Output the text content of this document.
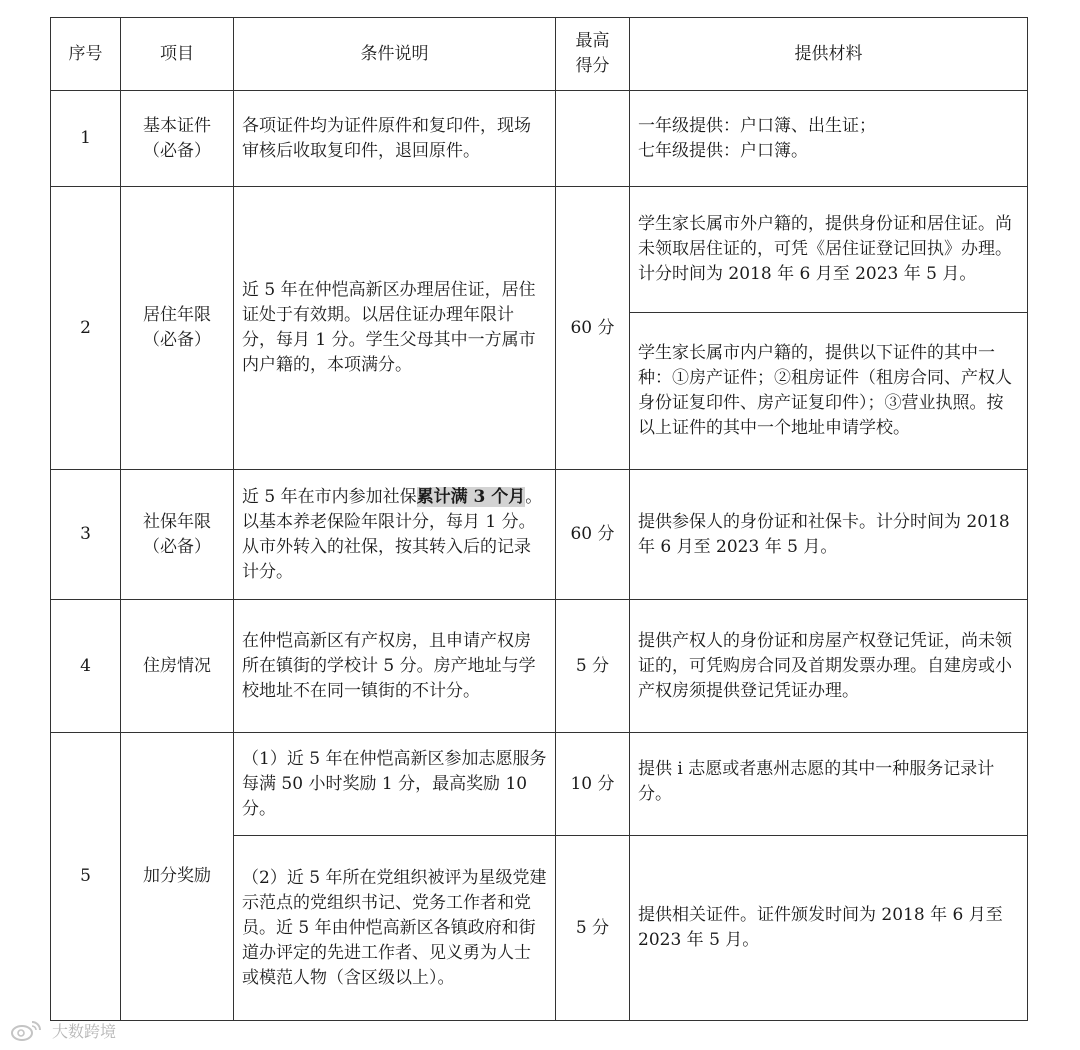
序号	项目	条件说明	最高得分	提供材料
1	基本证件（必备）	各项证件均为证件原件和复印件，现场审核后收取复印件，退回原件。		一年级提供：户口簿、出生证；
七年级提供：户口簿。

2	居住年限（必备）	近 5 年在仲恺高新区办理居住证，居住证处于有效期。以居住证办理年限计分，每月 1 分。学生父母其中一方属市内户籍的，本项满分。	60 分	学生家长属市外户籍的，提供身份证和居住证。尚未领取居住证的，可凭《居住证登记回执》办理。计分时间为 2018 年 6 月至 2023 年 5 月。
				学生家长属市内户籍的，提供以下证件的其中一种：①房产证件；②租房证件（租房合同、产权人身份证复印件、房产证复印件）；③营业执照。按以上证件的其中一个地址申请学校。
3	社保年限（必备）	近 5 年在市内参加社保累计满 3 个月。以基本养老保险年限计分，每月 1 分。从市外转入的社保，按其转入后的记录计分。	60 分	提供参保人的身份证和社保卡。计分时间为 2018 年 6 月至 2023 年 5 月。
4	住房情况	在仲恺高新区有产权房，且申请产权房所在镇街的学校计 5 分。房产地址与学校地址不在同一镇街的不计分。	5 分	提供产权人的身份证和房屋产权登记凭证，尚未领证的，可凭购房合同及首期发票办理。自建房或小产权房须提供登记凭证办理。
5	加分奖励	（1）近 5 年在仲恺高新区参加志愿服务每满 50 小时奖励 1 分，最高奖励 10 分。	10 分	提供 i 志愿或者惠州志愿的其中一种服务记录计分。
		（2）近 5 年所在党组织被评为星级党建示范点的党组织书记、党务工作者和党员。近 5 年由仲恺高新区各镇政府和街道办评定的先进工作者、见义勇为人士或模范人物（含区级以上）。	5 分	提供相关证件。证件颁发时间为 2018 年 6 月至 2023 年 5 月。
大数跨境
